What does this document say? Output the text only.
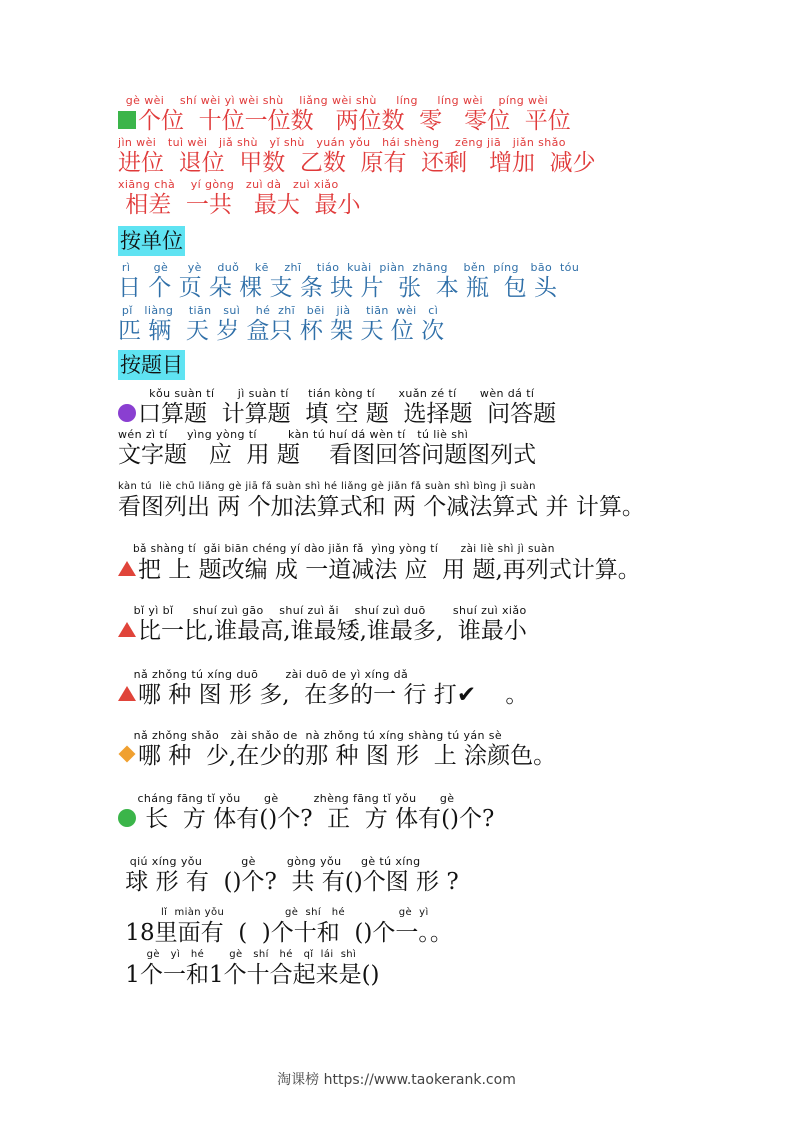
gè wèi    shí wèi yì wèi shù    liǎng wèi shù     líng     líng wèi    píng wèi
个位  十位一位数   两位数  零   零位  平位
jìn wèi   tuì wèi   jiǎ shù   yǐ shù   yuán yǒu   hái shèng    zēng jiā   jiǎn shǎo
进位  退位  甲数  乙数  原有  还剩   增加  减少
xiāng chà    yí gòng   zuì dà   zuì xiǎo
相差  一共   最大  最小
按单位
rì      gè     yè    duǒ    kē    zhī    tiáo  kuài  piàn  zhāng    běn  píng   bāo  tóu
日 个 页 朵 棵 支 条 块 片  张  本 瓶  包 头
pǐ   liàng    tiān   suì    hé  zhī   bēi   jià    tiān  wèi   cì
匹 辆  天 岁 盒只 杯 架 天 位 次
按题目
kǒu suàn tí      jì suàn tí     tián kòng tí      xuǎn zé tí      wèn dá tí
口算题  计算题  填 空 题  选择题  问答题
wén zì tí     yìng yòng tí        kàn tú huí dá wèn tí   tú liè shì
文字题   应  用 题    看图回答问题图列式
kàn tú  liè chū liǎng gè jiā fǎ suàn shì hé liǎng gè jiǎn fǎ suàn shì bìng jì suàn
看图列出 两 个加法算式和 两 个减法算式 并 计算。
bǎ shàng tí  gǎi biān chéng yí dào jiǎn fǎ  yìng yòng tí      zài liè shì jì suàn
把 上 题改编 成 一道减法 应  用 题,再列式计算。
bǐ yì bǐ     shuí zuì gāo    shuí zuì ǎi    shuí zuì duō       shuí zuì xiǎo
比一比,谁最高,谁最矮,谁最多,  谁最小
nǎ zhǒng tú xíng duō       zài duō de yì xíng dǎ
哪 种 图 形 多,  在多的一 行 打✔    。
nǎ zhǒng shǎo   zài shǎo de  nà zhǒng tú xíng shàng tú yán sè
哪 种  少,在少的那 种 图 形  上 涂颜色。
cháng fāng tǐ yǒu      gè         zhèng fāng tǐ yǒu      gè
长  方 体有()个?  正  方 体有()个?
qiú xíng yǒu          gè        gòng yǒu     gè tú xíng
球 形 有  ()个?  共 有()个图 形 ?
lǐ  miàn yǒu                 gè  shí   hé               gè  yì
18里面有  (  )个十和  ()个一。。
gè   yì   hé       gè   shí   hé   qǐ  lái  shì
1个一和1个十合起来是()
淘课榜 https://www.taokerank.com
